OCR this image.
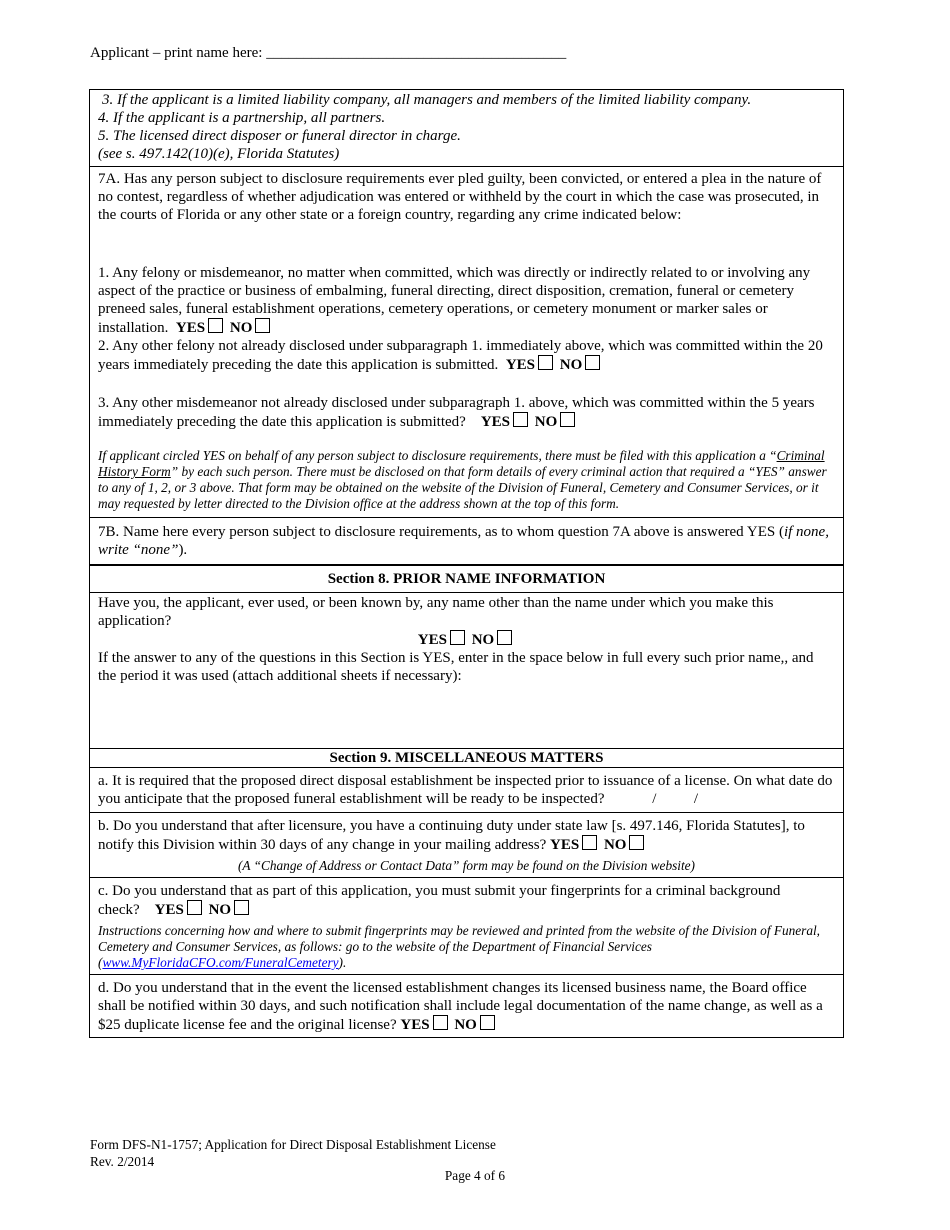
Applicant – print name here: ________________________________________
3. If the applicant is a limited liability company, all managers and members of the limited liability company.
4. If the applicant is a partnership, all partners.
5. The licensed direct disposer or funeral director in charge.
(see s. 497.142(10)(e), Florida Statutes)
7A. Has any person subject to disclosure requirements ever pled guilty, been convicted, or entered a plea in the nature of no contest, regardless of whether adjudication was entered or withheld by the court in which the case was prosecuted, in the courts of Florida or any other state or a foreign country, regarding any crime indicated below:
1. Any felony or misdemeanor, no matter when committed, which was directly or indirectly related to or involving any aspect of the practice or business of embalming, funeral directing, direct disposition, cremation, funeral or cemetery preneed sales, funeral establishment operations, cemetery operations, or cemetery monument or marker sales or installation. YES NO
2. Any other felony not already disclosed under subparagraph 1. immediately above, which was committed within the 20 years immediately preceding the date this application is submitted. YES NO
3. Any other misdemeanor not already disclosed under subparagraph 1. above, which was committed within the 5 years immediately preceding the date this application is submitted? YES NO
If applicant circled YES on behalf of any person subject to disclosure requirements, there must be filed with this application a “Criminal History Form” by each such person. There must be disclosed on that form details of every criminal action that required a “YES” answer to any of 1, 2, or 3 above. That form may be obtained on the website of the Division of Funeral, Cemetery and Consumer Services, or it may requested by letter directed to the Division office at the address shown at the top of this form.
7B. Name here every person subject to disclosure requirements, as to whom question 7A above is answered YES (if none, write “none”).
Section 8. PRIOR NAME INFORMATION
Have you, the applicant, ever used, or been known by, any name other than the name under which you make this application?
YES NO
If the answer to any of the questions in this Section is YES, enter in the space below in full every such prior name,, and the period it was used (attach additional sheets if necessary):
Section 9. MISCELLANEOUS MATTERS
a. It is required that the proposed direct disposal establishment be inspected prior to issuance of a license. On what date do you anticipate that the proposed funeral establishment will be ready to be inspected?	/          /
b. Do you understand that after licensure, you have a continuing duty under state law [s. 497.146, Florida Statutes], to notify this Division within 30 days of any change in your mailing address? YES NO
(A “Change of Address or Contact Data” form may be found on the Division website)
c. Do you understand that as part of this application, you must submit your fingerprints for a criminal background check? YES NO
Instructions concerning how and where to submit fingerprints may be reviewed and printed from the website of the Division of Funeral, Cemetery and Consumer Services, as follows: go to the website of the Department of Financial Services (www.MyFloridaCFO.com/FuneralCemetery).
d. Do you understand that in the event the licensed establishment changes its licensed business name, the Board office shall be notified within 30 days, and such notification shall include legal documentation of the name change, as well as a $25 duplicate license fee and the original license? YES NO
Form DFS-N1-1757; Application for Direct Disposal Establishment License
Rev. 2/2014
Page 4 of 6
